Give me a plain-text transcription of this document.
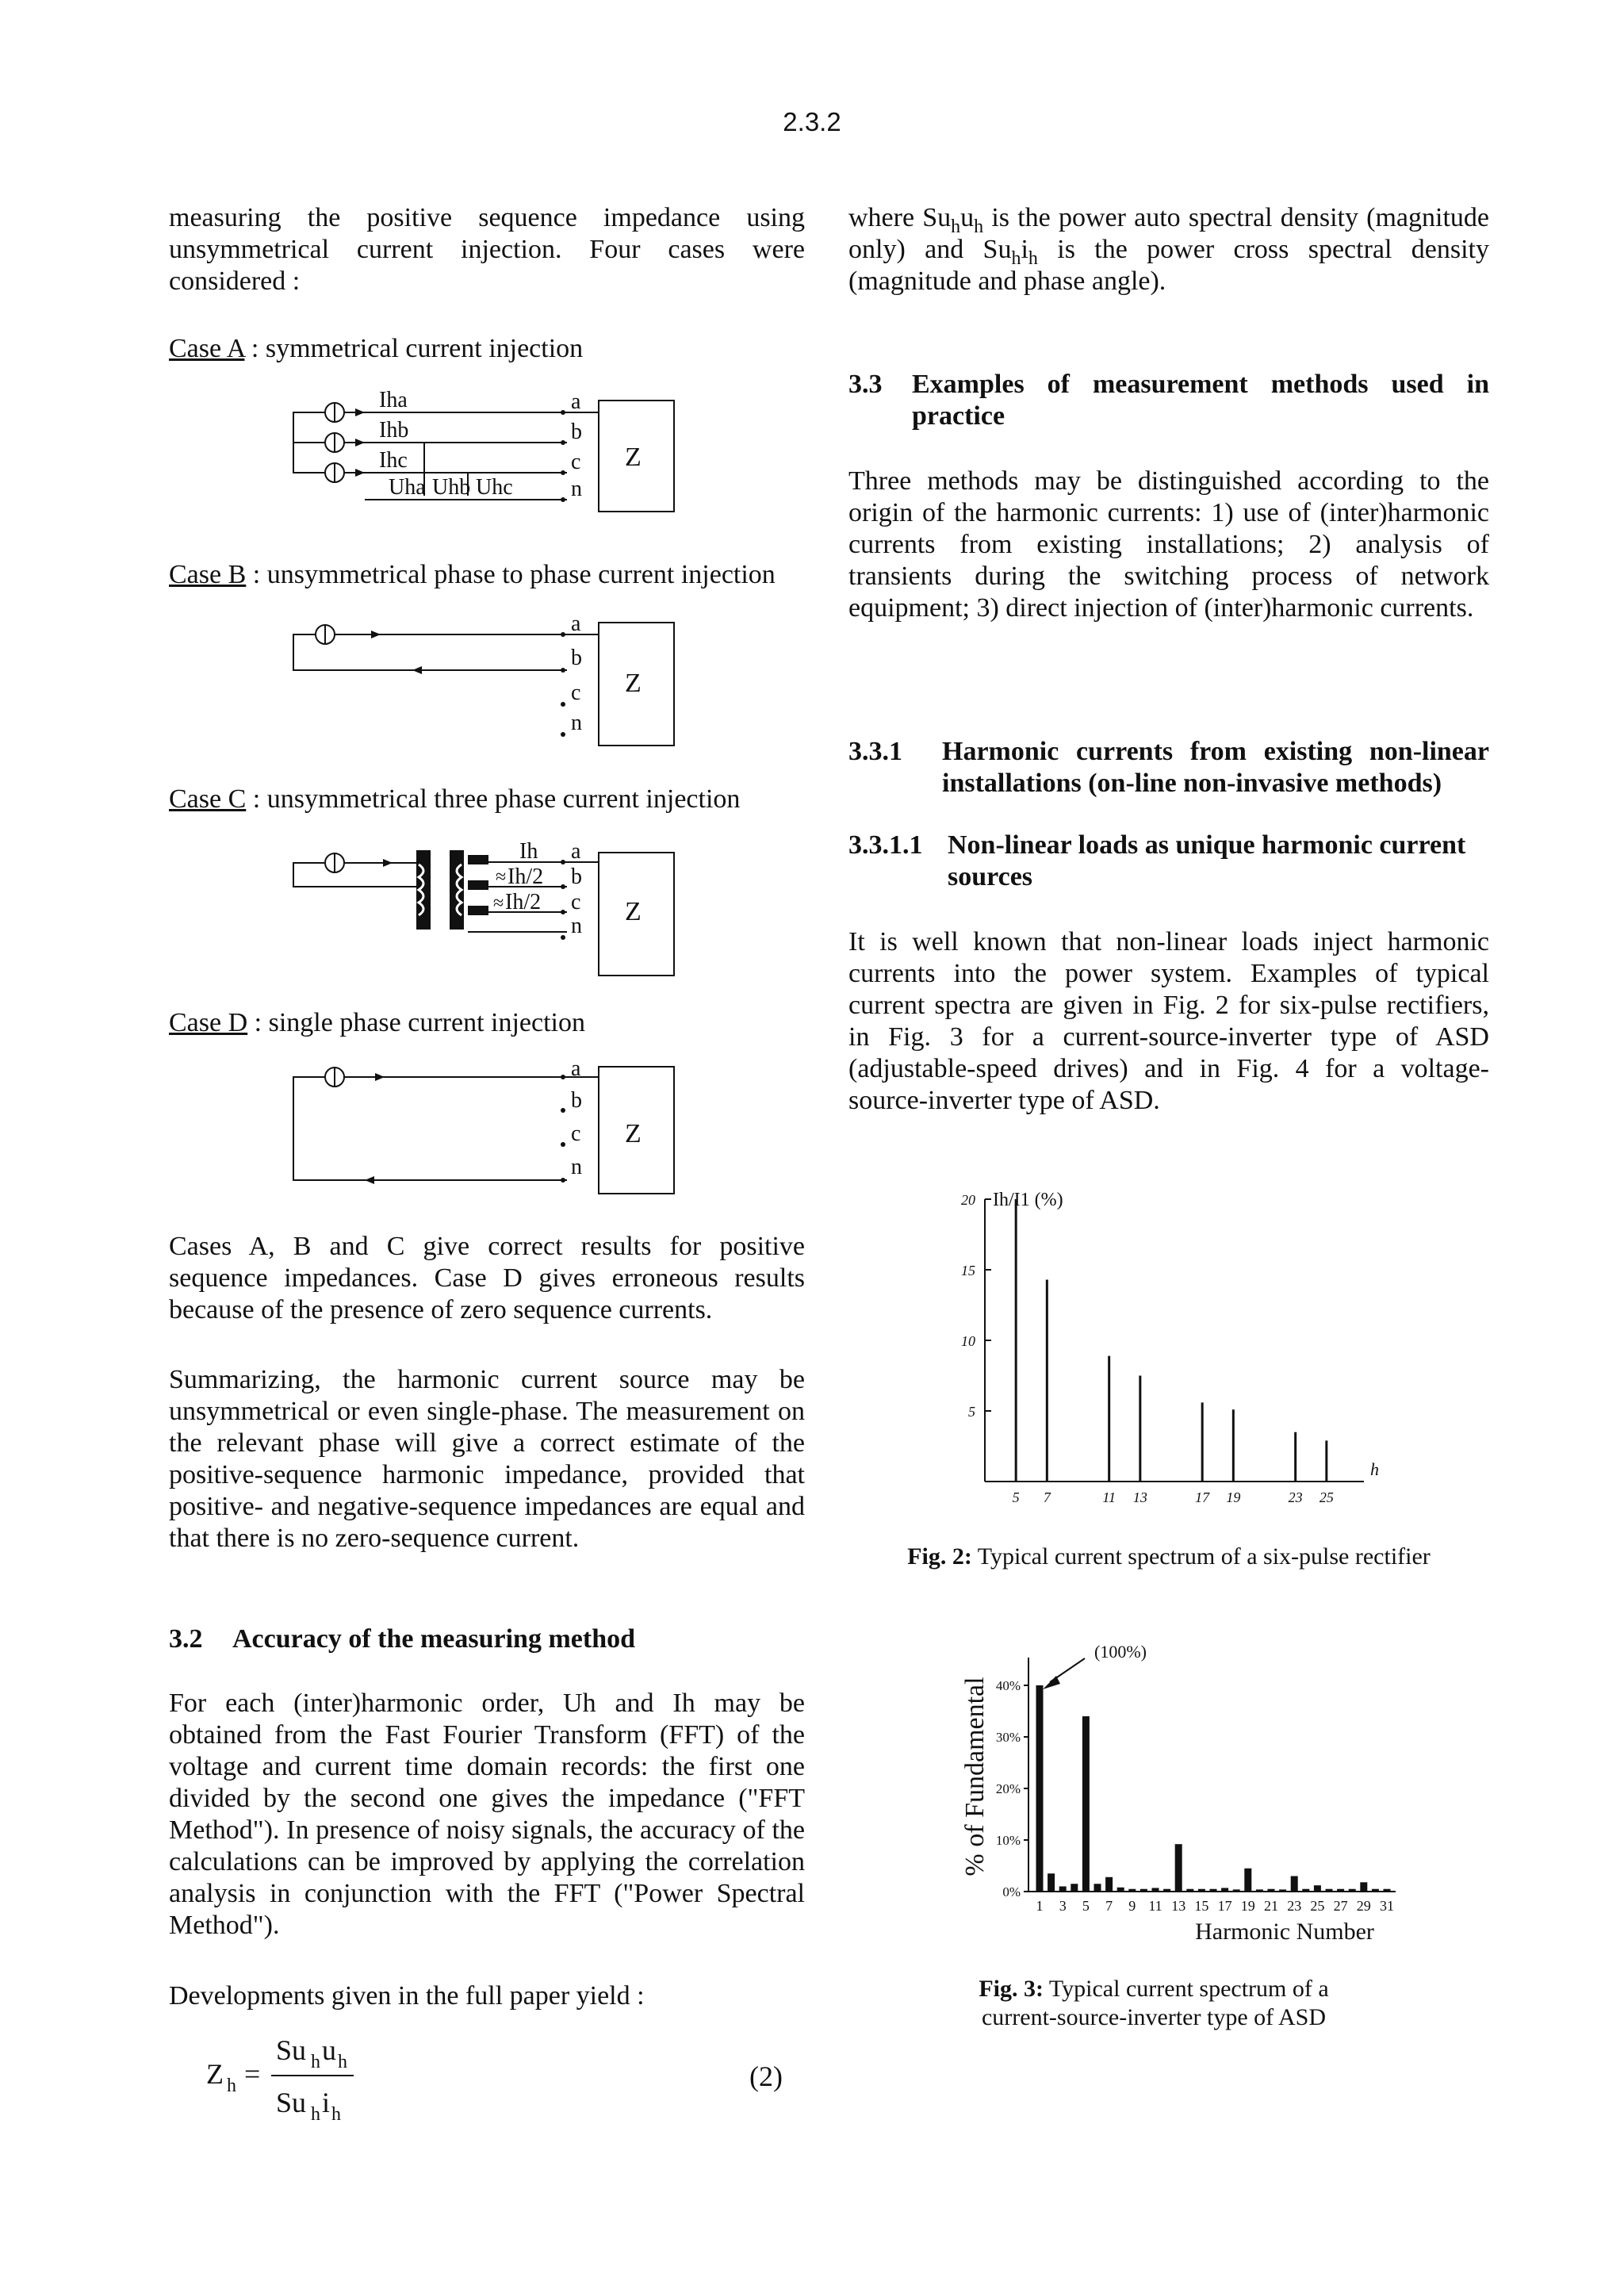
2.3.2

measuring the positive sequence impedance using unsymmetrical current injection. Four cases were considered :

Case A : symmetrical current injection
Iha
Ihb
Ihc
Uha Uhb Uhc
a
b
c
n
Z
Case B : unsymmetrical phase to phase current injection
a
b
c
n
Z
Case C : unsymmetrical three phase current injection
Ih
≈ Ih/2
≈ Ih/2
a
b
c
n Z
Case D : single phase current injection
a
b
c
n
Z

Cases A, B and C give correct results for positive sequence impedances. Case D gives erroneous results because of the presence of zero sequence currents.

Summarizing, the harmonic current source may be unsymmetrical or even single-phase. The measurement on the relevant phase will give a correct estimate of the positive-sequence harmonic impedance, provided that positive- and negative-sequence impedances are equal and that there is no zero-sequence current.

3.2 Accuracy of the measuring method

For each (inter)harmonic order, Uh and Ih may be obtained from the Fast Fourier Transform (FFT) of the voltage and current time domain records: the first one divided by the second one gives the impedance ("FFT Method"). In presence of noisy signals, the accuracy of the calculations can be improved by applying the correlation analysis in conjunction with the FFT ("Power Spectral Method").

Developments given in the full paper yield :

Z h =
Su h u h
Su h i h
(2)

where $Su_hu_h$ is the power auto spectral density (magnitude only) and $Su_hi_h$ is the power cross spectral density (magnitude and phase angle).

3.3	Examples of measurement methods used in practice

Three methods may be distinguished according to the origin of the harmonic currents: 1) use of (inter)harmonic currents from existing installations; 2) analysis of transients during the switching process of network equipment; 3) direct injection of (inter)harmonic currents.

3.3.1	Harmonic currents from existing non-linear installations (on-line non-invasive methods)
3.3.1.1 Non-linear loads as unique harmonic current sources

It is well known that non-linear loads inject harmonic currents into the power system. Examples of typical current spectra are given in Fig. 2 for six-pulse rectifiers, in Fig. 3 for a current-source-inverter type of ASD (adjustable-speed drives) and in Fig. 4 for a voltage-source-inverter type of ASD.

Ih/I1 (%)
h
5
10
15
20
5 7	11 13	17 19	23 25
Fig. 2: Typical current spectrum of a six-pulse rectifier
% of Fundamental
(100%)
0%
10%
20%
30%
40%
1 3 5 7 9 11 13 15 17 19 21 23 25 27 29 31
Harmonic Number
Fig. 3: Typical current spectrum of a
current-source-inverter type of ASD
